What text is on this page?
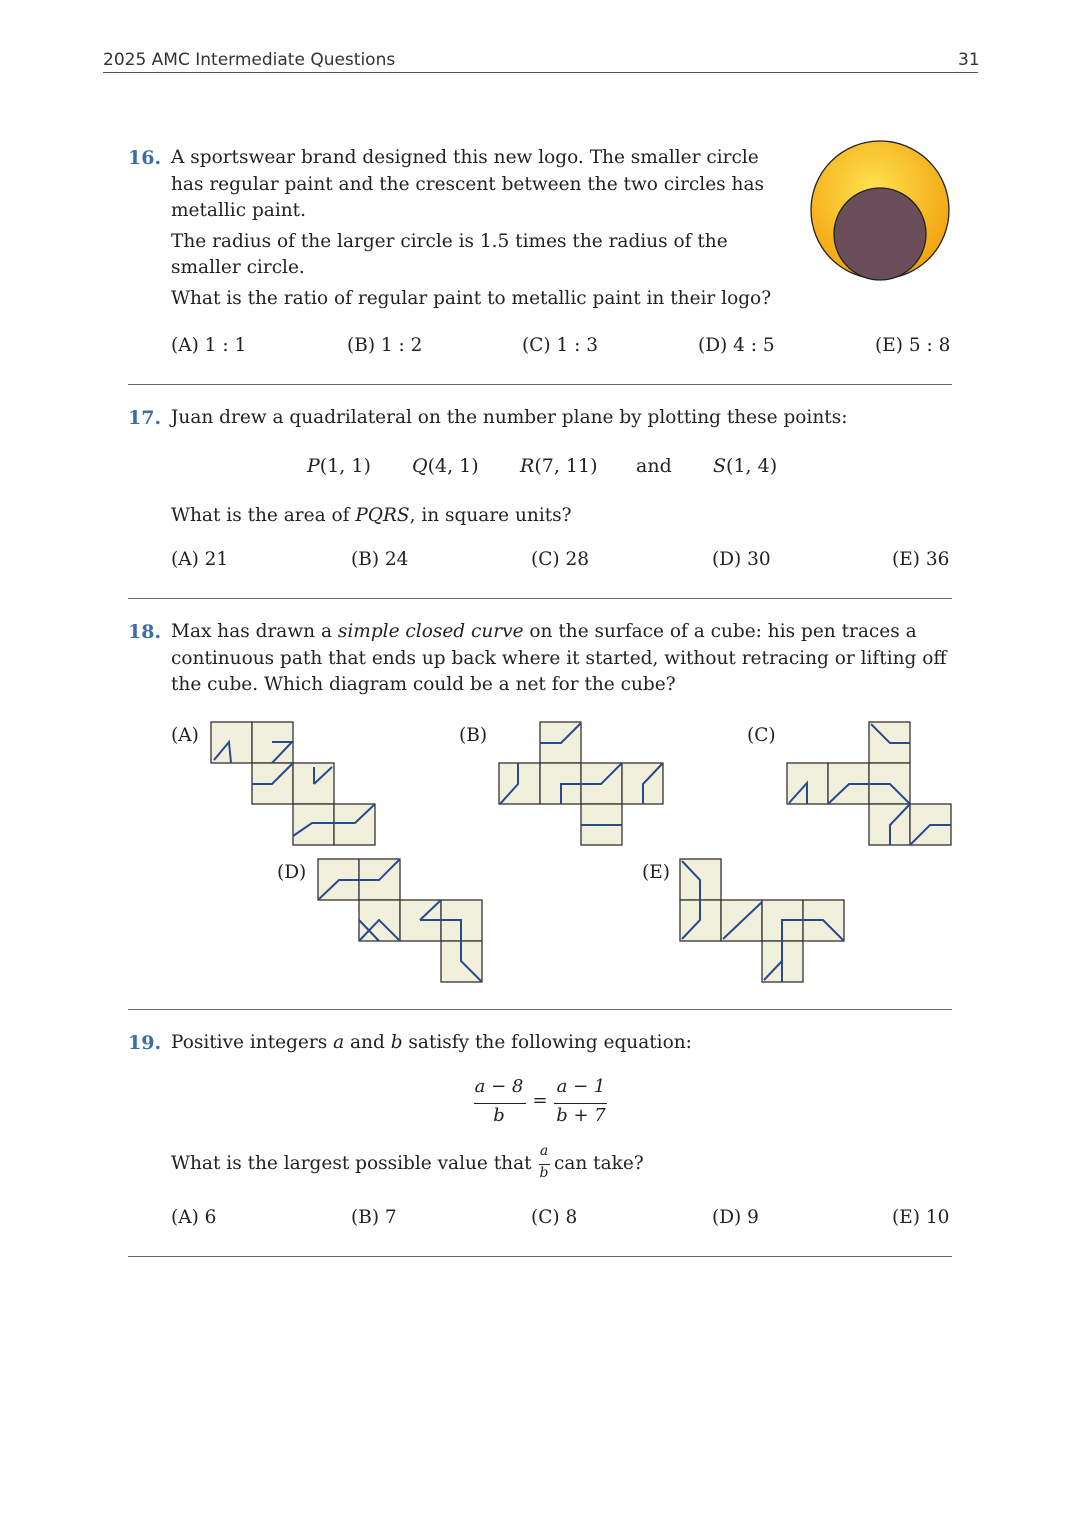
2025 AMC Intermediate Questions	31
16. A sportswear brand designed this new logo. The smaller circle

has regular paint and the crescent between the two circles has

metallic paint.

The radius of the larger circle is 1.5 times the radius of the

smaller circle.

What is the ratio of regular paint to metallic paint in their logo?

(A) 1 : 1	(B) 1 : 2	(C) 1 : 3	(D) 4 : 5	(E) 5 : 8
17. Juan drew a quadrilateral on the number plane by plotting these points:
P(1, 1) Q(4, 1) R(7, 11) and S(1, 4)
What is the area of PQRS, in square units?
(A) 21	(B) 24	(C) 28	(D) 30	(E) 36
18. Max has drawn a simple closed curve on the surface of a cube: his pen traces a continuous path that ends up back where it started, without retracing or lifting off the cube. Which diagram could be a net for the cube?
(A)	(B)	(C)
(D)	(E)
19. Positive integers a and b satisfy the following equation:
a − 8
b
=
a − 1
b + 7
What is the largest possible value that
a
b can take?
(A) 6	(B) 7	(C) 8	(D) 9	(E) 10
